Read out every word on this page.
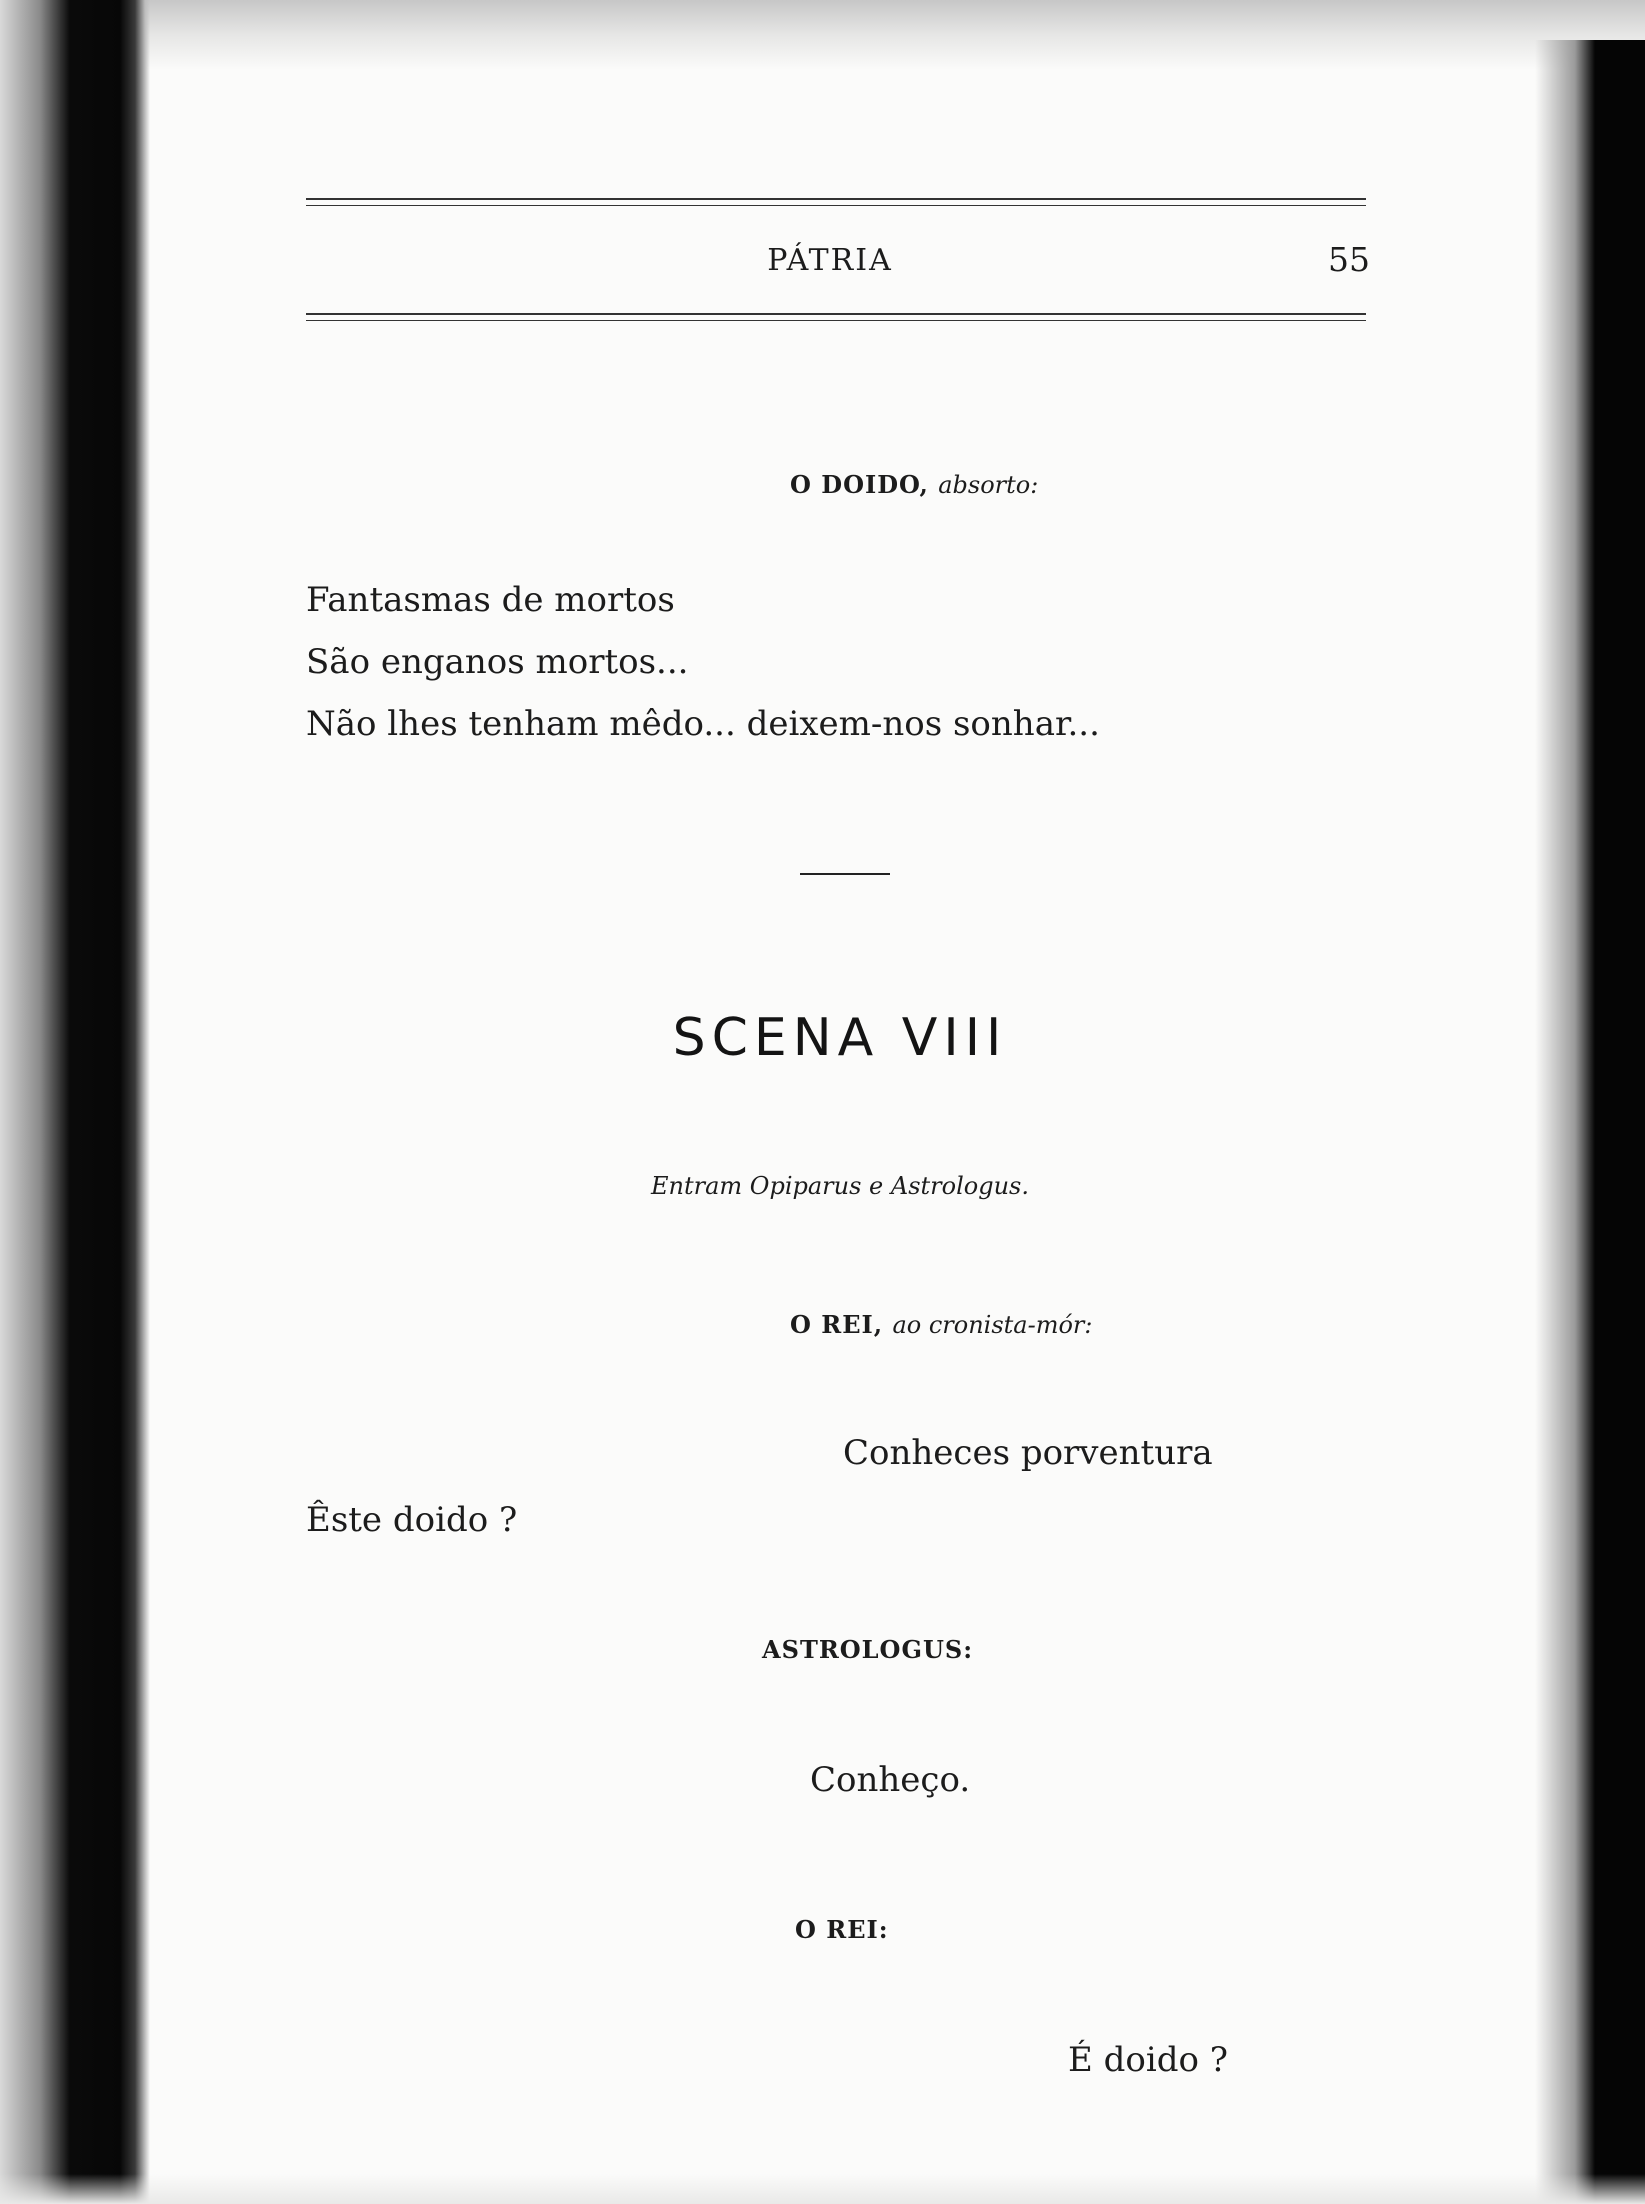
PÁTRIA	55
O DOIDO, absorto:
Fantasmas de mortos
São enganos mortos...
Não lhes tenham mêdo... deixem-nos sonhar...
SCENA VIII
Entram Opiparus e Astrologus.
O REI, ao cronista-mór:
Conheces porventura
Êste doido ?
ASTROLOGUS:
Conheço.
O REI:
É doido ?
